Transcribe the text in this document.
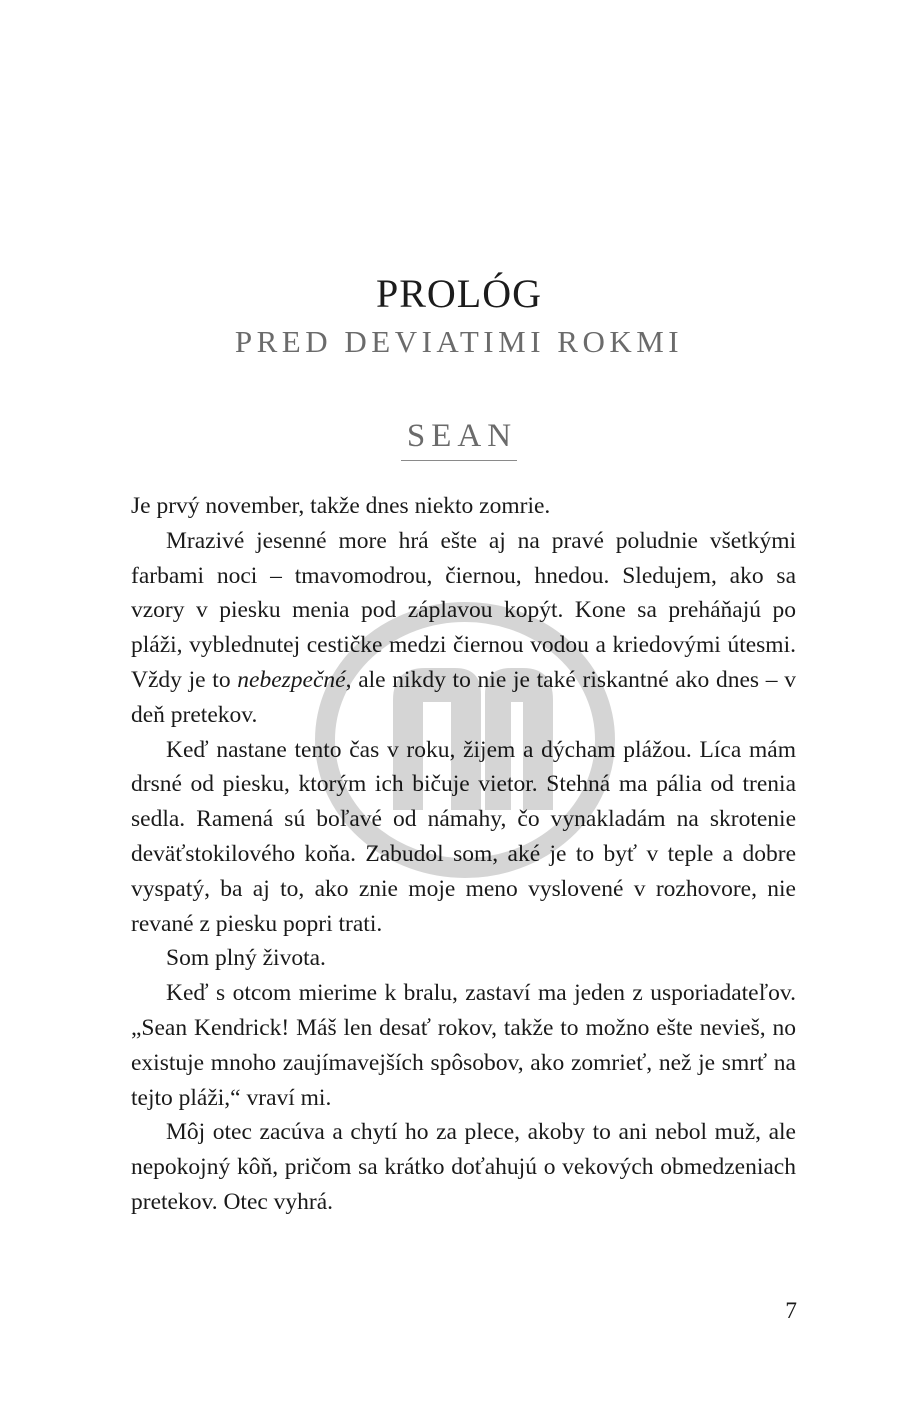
PROLÓG
PRED DEVIATIMI ROKMI
SEAN

Je prvý november, takže dnes niekto zomrie.

Mrazivé jesenné more hrá ešte aj na pravé poludnie všetkými farbami noci – tmavomodrou, čiernou, hnedou. Sledujem, ako sa vzory v piesku menia pod záplavou kopýt. Kone sa preháňajú po pláži, vyblednutej cestičke medzi čiernou vodou a kriedovými útesmi. Vždy je to nebezpečné, ale nikdy to nie je také riskantné ako dnes – v deň pretekov.

Keď nastane tento čas v roku, žijem a dýcham plážou. Líca mám drsné od piesku, ktorým ich bičuje vietor. Stehná ma pália od trenia sedla. Ramená sú boľavé od námahy, čo vynakladám na skrotenie deväťstokilového koňa. Zabudol som, aké je to byť v teple a dobre vyspatý, ba aj to, ako znie moje meno vyslovené v rozhovore, nie revané z piesku popri trati.

Som plný života.

Keď s otcom mierime k bralu, zastaví ma jeden z usporiadateľov. „Sean Kendrick! Máš len desať rokov, takže to možno ešte nevieš, no existuje mnoho zaujímavejších spôsobov, ako zomrieť, než je smrť na tejto pláži,“ vraví mi.

Môj otec zacúva a chytí ho za plece, akoby to ani nebol muž, ale nepokojný kôň, pričom sa krátko doťahujú o vekových obmedzeniach pretekov. Otec vyhrá.

7
